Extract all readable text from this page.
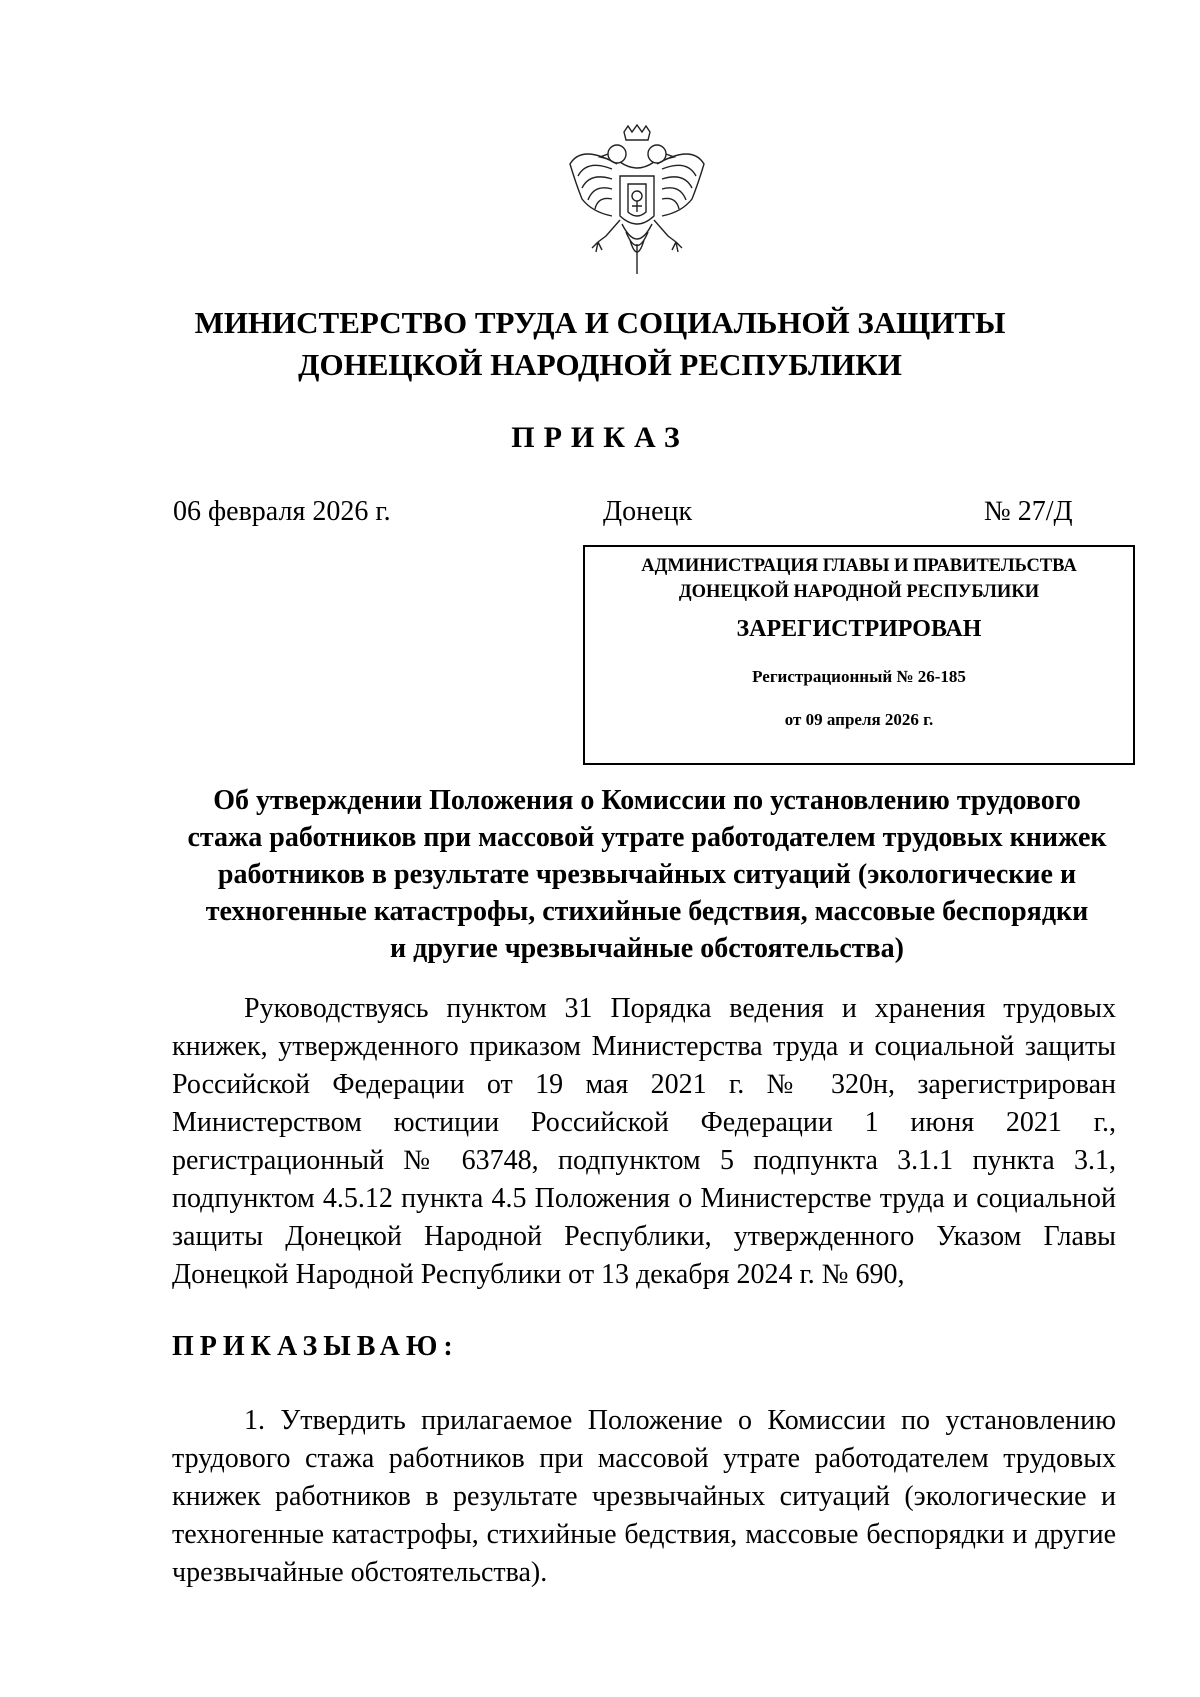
МИНИСТЕРСТВО ТРУДА И СОЦИАЛЬНОЙ ЗАЩИТЫ
ДОНЕЦКОЙ НАРОДНОЙ РЕСПУБЛИКИ
ПРИКАЗ
06 февраля 2026 г.	Донецк	№ 27/Д
АДМИНИСТРАЦИЯ ГЛАВЫ И ПРАВИТЕЛЬСТВА
ДОНЕЦКОЙ НАРОДНОЙ РЕСПУБЛИКИ
ЗАРЕГИСТРИРОВАН
Регистрационный № 26-185
от 09 апреля 2026 г.
Об утверждении Положения о Комиссии по установлению трудового
стажа работников при массовой утрате работодателем трудовых книжек
работников в результате чрезвычайных ситуаций (экологические и
техногенные катастрофы, стихийные бедствия, массовые беспорядки
и другие чрезвычайные обстоятельства)

Руководствуясь пунктом 31 Порядка ведения и хранения трудовых книжек, утвержденного приказом Министерства труда и социальной защиты Российской Федерации от 19 мая 2021 г. № 320н, зарегистрирован Министерством юстиции Российской Федерации 1 июня 2021 г., регистрационный № 63748, подпунктом 5 подпункта 3.1.1 пункта 3.1, подпунктом 4.5.12 пункта 4.5 Положения о Министерстве труда и социальной защиты Донецкой Народной Республики, утвержденного Указом Главы Донецкой Народной Республики от 13 декабря 2024 г. № 690,

ПРИКАЗЫВАЮ:

1. Утвердить прилагаемое Положение о Комиссии по установлению трудового стажа работников при массовой утрате работодателем трудовых книжек работников в результате чрезвычайных ситуаций (экологические и техногенные катастрофы, стихийные бедствия, массовые беспорядки и другие чрезвычайные обстоятельства).
